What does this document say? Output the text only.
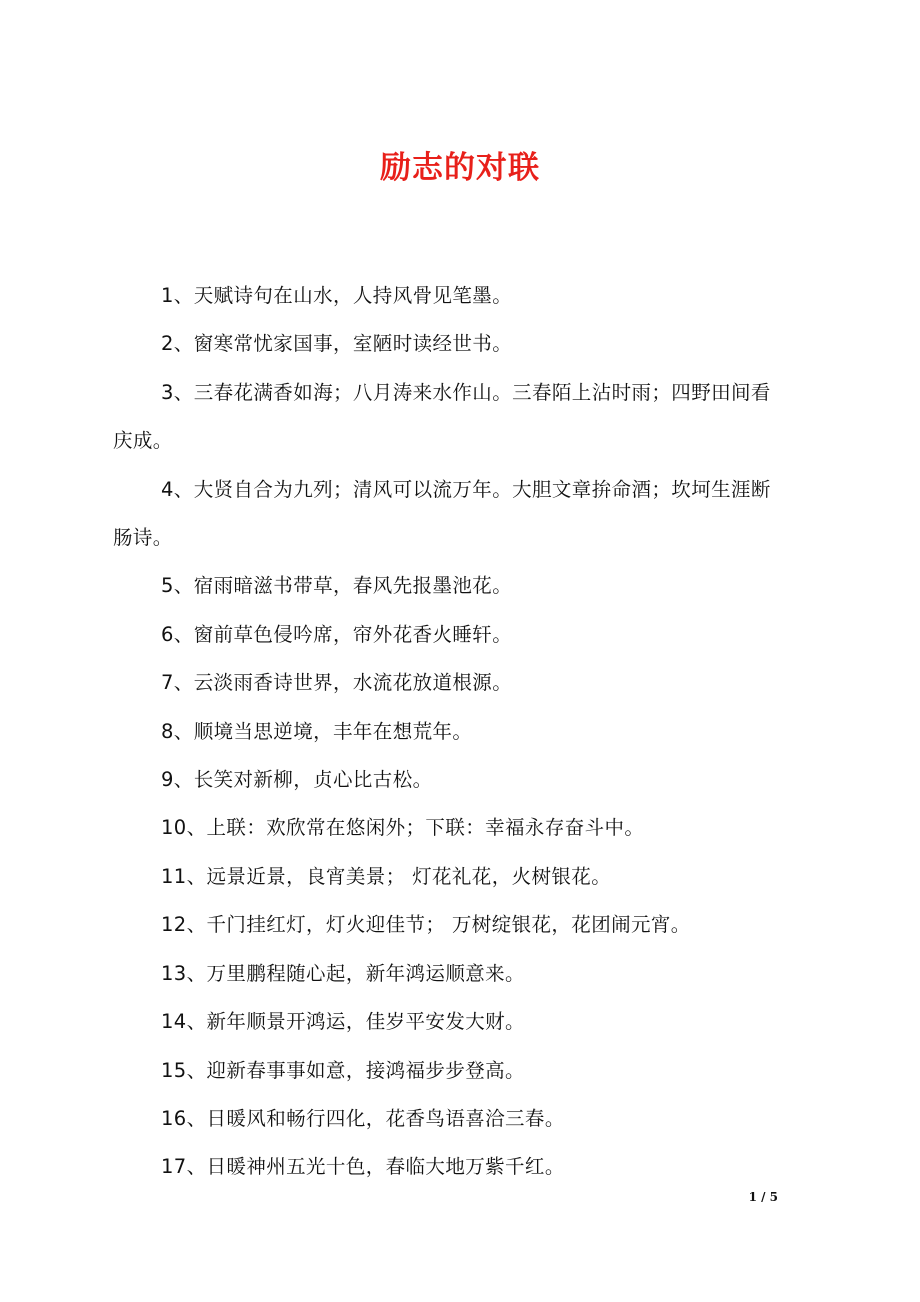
励志的对联

1、天赋诗句在山水，人持风骨见笔墨。

2、窗寒常忧家国事，室陋时读经世书。

3、三春花满香如海；八月涛来水作山。三春陌上沾时雨；四野田间看庆成。

4、大贤自合为九列；清风可以流万年。大胆文章拚命酒；坎坷生涯断肠诗。

5、宿雨暗滋书带草，春风先报墨池花。

6、窗前草色侵吟席，帘外花香火睡轩。

7、云淡雨香诗世界，水流花放道根源。

8、顺境当思逆境，丰年在想荒年。

9、长笑对新柳，贞心比古松。

10、上联：欢欣常在悠闲外；下联：幸福永存奋斗中。

11、远景近景，良宵美景； 灯花礼花，火树银花。

12、千门挂红灯，灯火迎佳节； 万树绽银花，花团闹元宵。

13、万里鹏程随心起，新年鸿运顺意来。

14、新年顺景开鸿运，佳岁平安发大财。

15、迎新春事事如意，接鸿福步步登高。

16、日暖风和畅行四化，花香鸟语喜洽三春。

17、日暖神州五光十色，春临大地万紫千红。

1 / 5
